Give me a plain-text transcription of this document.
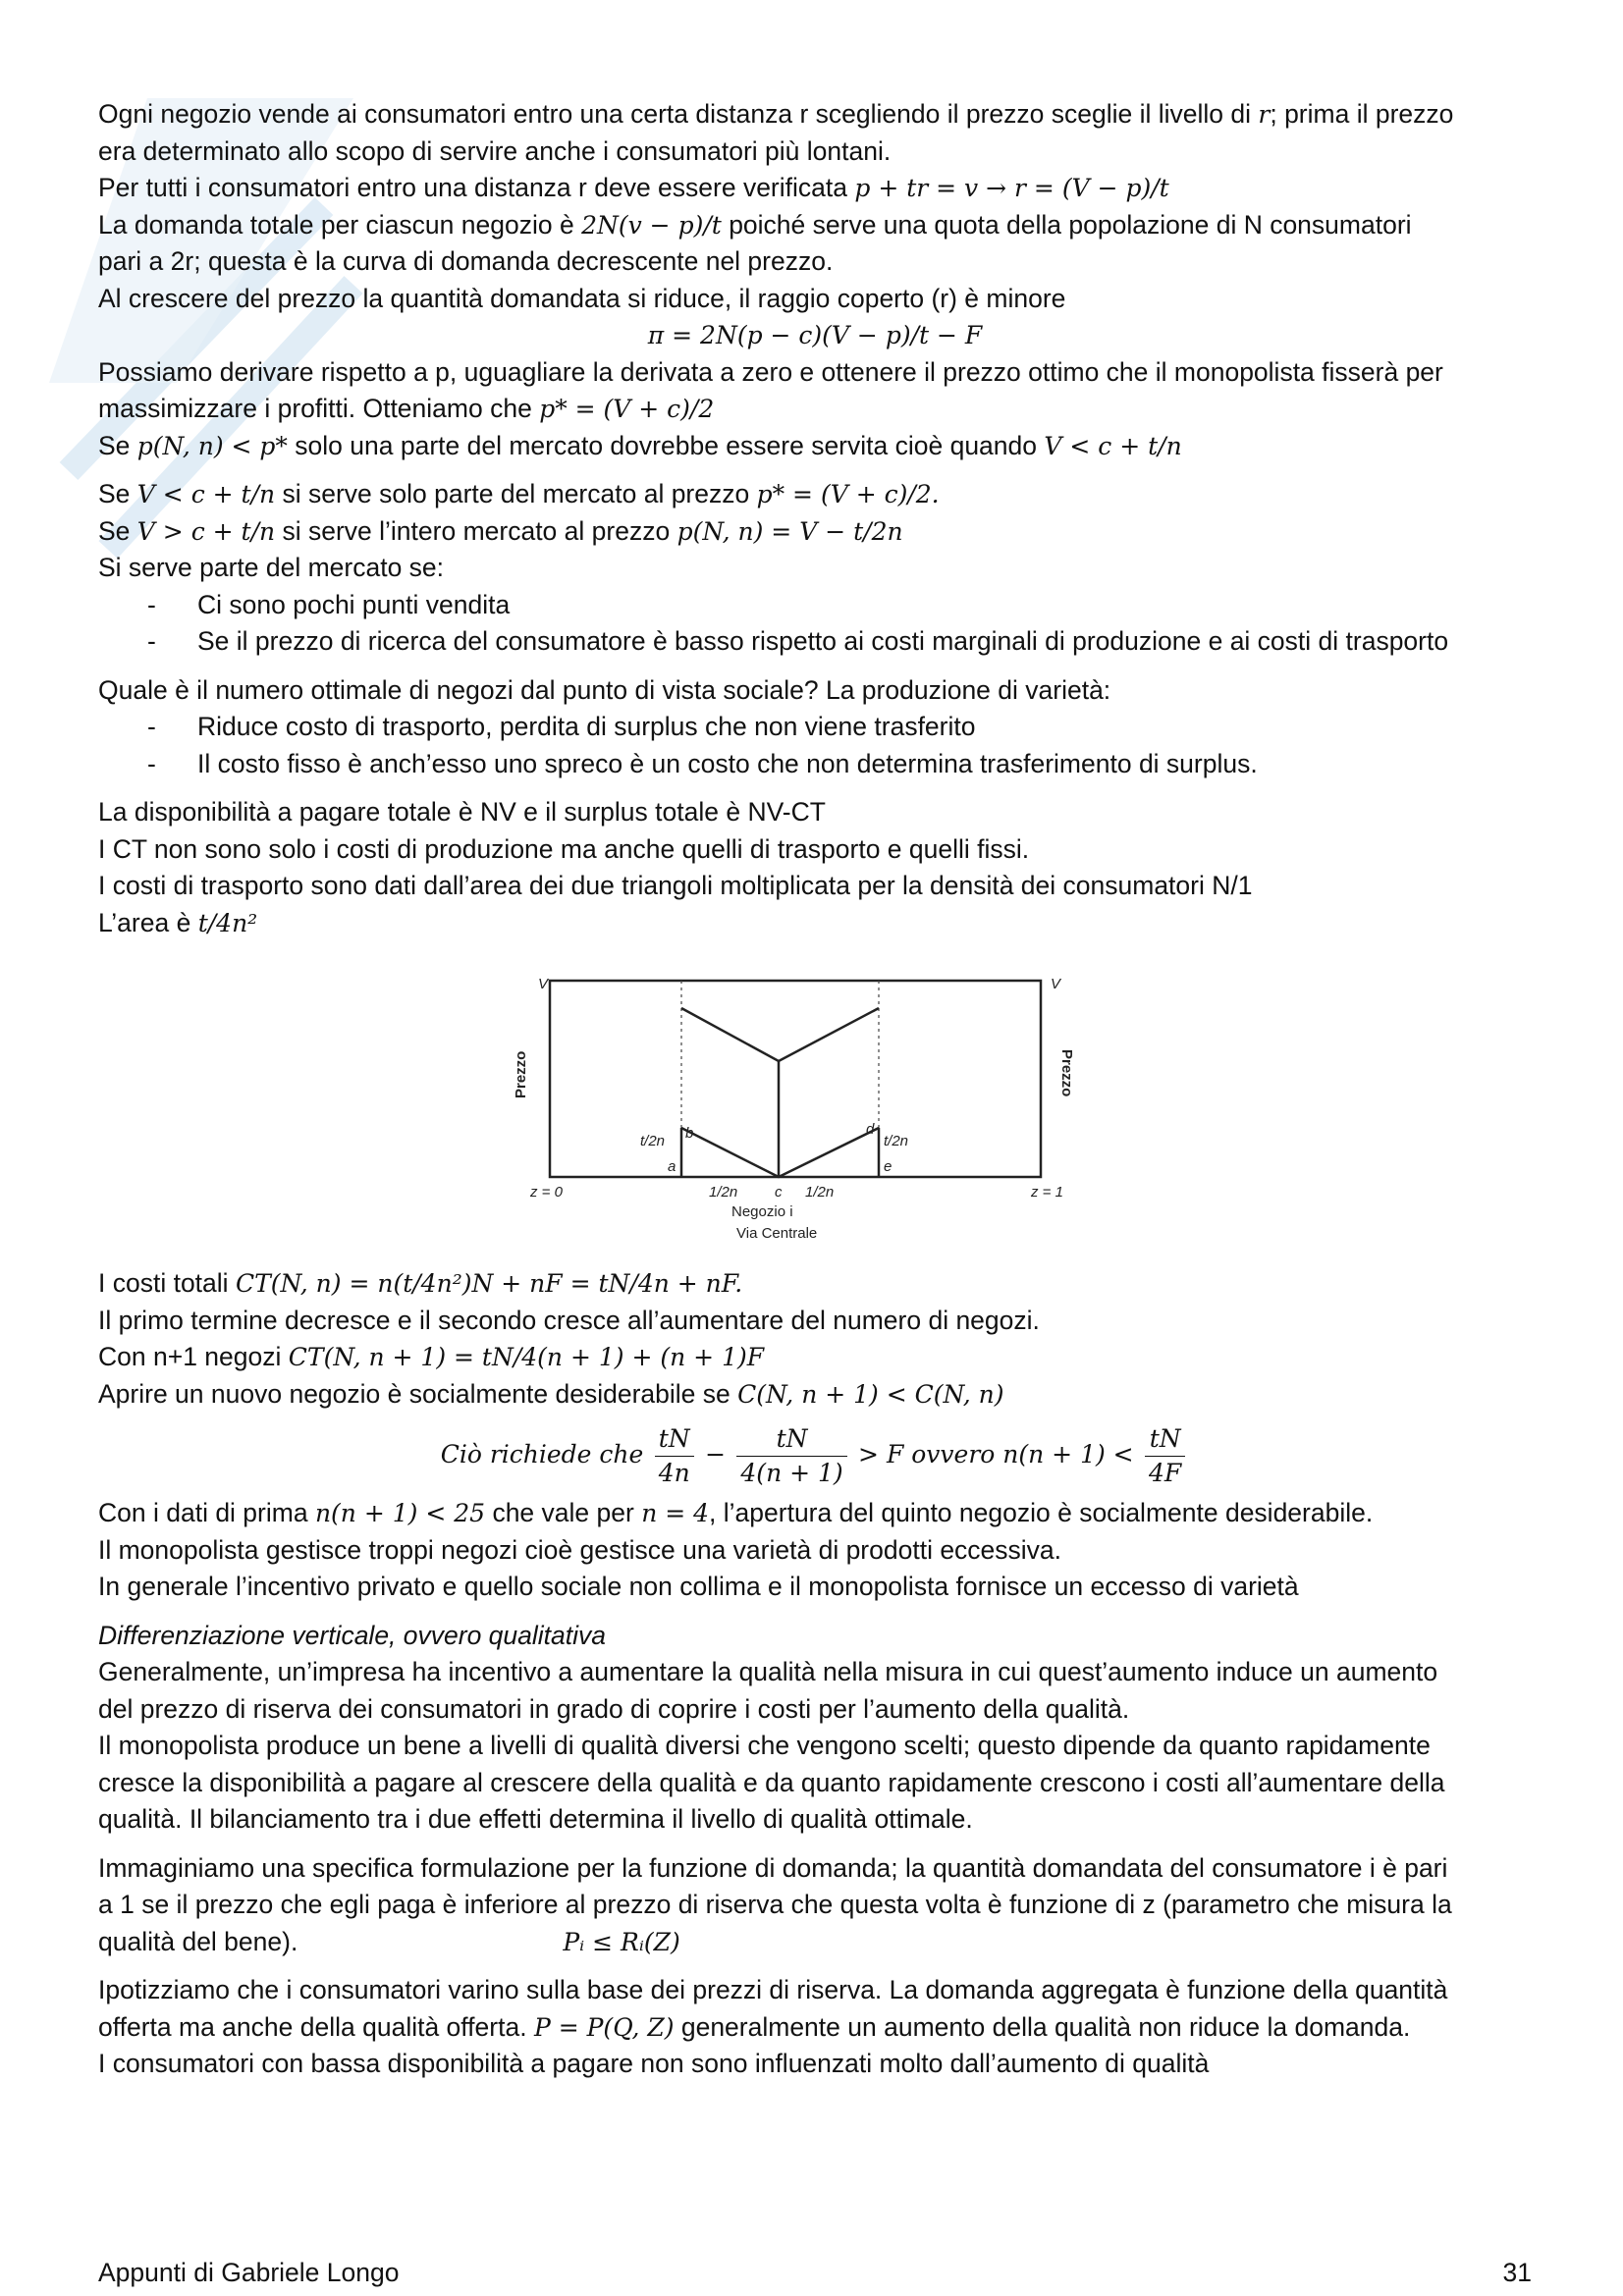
Ogni negozio vende ai consumatori entro una certa distanza r scegliendo il prezzo sceglie il livello di r; prima il prezzo

era determinato allo scopo di servire anche i consumatori più lontani.

Per tutti i consumatori entro una distanza r deve essere verificata p + tr = v → r = (V − p)/t

La domanda totale per ciascun negozio è 2N(v − p)/t poiché serve una quota della popolazione di N consumatori

pari a 2r; questa è la curva di domanda decrescente nel prezzo.

Al crescere del prezzo la quantità domandata si riduce, il raggio coperto (r) è minore

π = 2N(p − c)(V − p)/t − F

Possiamo derivare rispetto a p, uguagliare la derivata a zero e ottenere il prezzo ottimo che il monopolista fisserà per

massimizzare i profitti. Otteniamo che p* = (V + c)/2

Se p(N, n) < p* solo una parte del mercato dovrebbe essere servita cioè quando V < c + t/n

Se V < c + t/n si serve solo parte del mercato al prezzo p* = (V + c)/2.

Se V > c + t/n si serve l’intero mercato al prezzo p(N, n) = V − t/2n

Si serve parte del mercato se:

- Ci sono pochi punti vendita
- Se il prezzo di ricerca del consumatore è basso rispetto ai costi marginali di produzione e ai costi di trasporto

Quale è il numero ottimale di negozi dal punto di vista sociale? La produzione di varietà:

- Riduce costo di trasporto, perdita di surplus che non viene trasferito
- Il costo fisso è anch’esso uno spreco è un costo che non determina trasferimento di surplus.

La disponibilità a pagare totale è NV e il surplus totale è NV-CT

I CT non sono solo i costi di produzione ma anche quelli di trasporto e quelli fissi.

I costi di trasporto sono dati dall’area dei due triangoli moltiplicata per la densità dei consumatori N/1

L’area è t/4n²

V	V
Prezzo	Prezzo
t/2n	t/2n
b
a
d
e
z = 0	z = 1
1/2n	c 1/2n
Negozio i
Via Centrale

I costi totali CT(N, n) = n(t/4n²)N + nF = tN/4n + nF.

Il primo termine decresce e il secondo cresce all’aumentare del numero di negozi.

Con n+1 negozi CT(N, n + 1) = tN/4(n + 1) + (n + 1)F

Aprire un nuovo negozio è socialmente desiderabile se C(N, n + 1) < C(N, n)

Ciò richiede che $\frac{tN}{4n} - \frac{tN}{4(n + 1)} > F$ ovvero $n(n + 1) < \frac{tN}{4F}$

Con i dati di prima n(n + 1) < 25 che vale per n = 4, l’apertura del quinto negozio è socialmente desiderabile.

Il monopolista gestisce troppi negozi cioè gestisce una varietà di prodotti eccessiva.

In generale l’incentivo privato e quello sociale non collima e il monopolista fornisce un eccesso di varietà

Differenziazione verticale, ovvero qualitativa

Generalmente, un’impresa ha incentivo a aumentare la qualità nella misura in cui quest’aumento induce un aumento

del prezzo di riserva dei consumatori in grado di coprire i costi per l’aumento della qualità.

Il monopolista produce un bene a livelli di qualità diversi che vengono scelti; questo dipende da quanto rapidamente

cresce la disponibilità a pagare al crescere della qualità e da quanto rapidamente crescono i costi all’aumentare della

qualità. Il bilanciamento tra i due effetti determina il livello di qualità ottimale.

Immaginiamo una specifica formulazione per la funzione di domanda; la quantità domandata del consumatore i è pari

a 1 se il prezzo che egli paga è inferiore al prezzo di riserva che questa volta è funzione di z (parametro che misura la

qualità del bene).	Pᵢ ≤ Rᵢ(Z)

Ipotizziamo che i consumatori varino sulla base dei prezzi di riserva. La domanda aggregata è funzione della quantità

offerta ma anche della qualità offerta. P = P(Q, Z) generalmente un aumento della qualità non riduce la domanda.

I consumatori con bassa disponibilità a pagare non sono influenzati molto dall’aumento di qualità

Appunti di Gabriele Longo	31
